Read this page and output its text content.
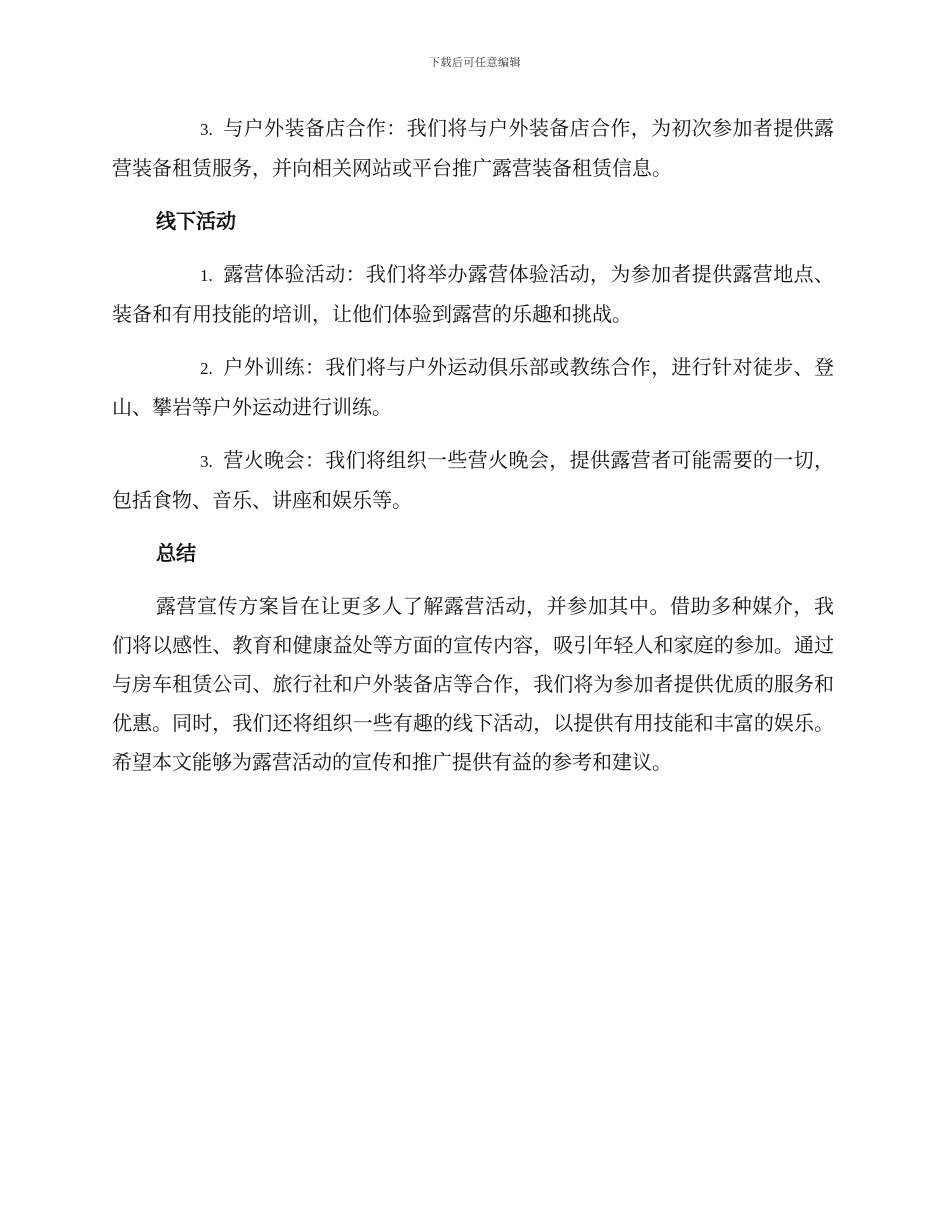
下载后可任意编辑

3. 与户外装备店合作：我们将与户外装备店合作，为初次参加者提供露营装备租赁服务，并向相关网站或平台推广露营装备租赁信息。

线下活动

1. 露营体验活动：我们将举办露营体验活动，为参加者提供露营地点、装备和有用技能的培训，让他们体验到露营的乐趣和挑战。

2. 户外训练：我们将与户外运动俱乐部或教练合作，进行针对徒步、登山、攀岩等户外运动进行训练。

3. 营火晚会：我们将组织一些营火晚会，提供露营者可能需要的一切，包括食物、音乐、讲座和娱乐等。

总结

露营宣传方案旨在让更多人了解露营活动，并参加其中。借助多种媒介，我们将以感性、教育和健康益处等方面的宣传内容，吸引年轻人和家庭的参加。通过与房车租赁公司、旅行社和户外装备店等合作，我们将为参加者提供优质的服务和优惠。同时，我们还将组织一些有趣的线下活动，以提供有用技能和丰富的娱乐。希望本文能够为露营活动的宣传和推广提供有益的参考和建议。
